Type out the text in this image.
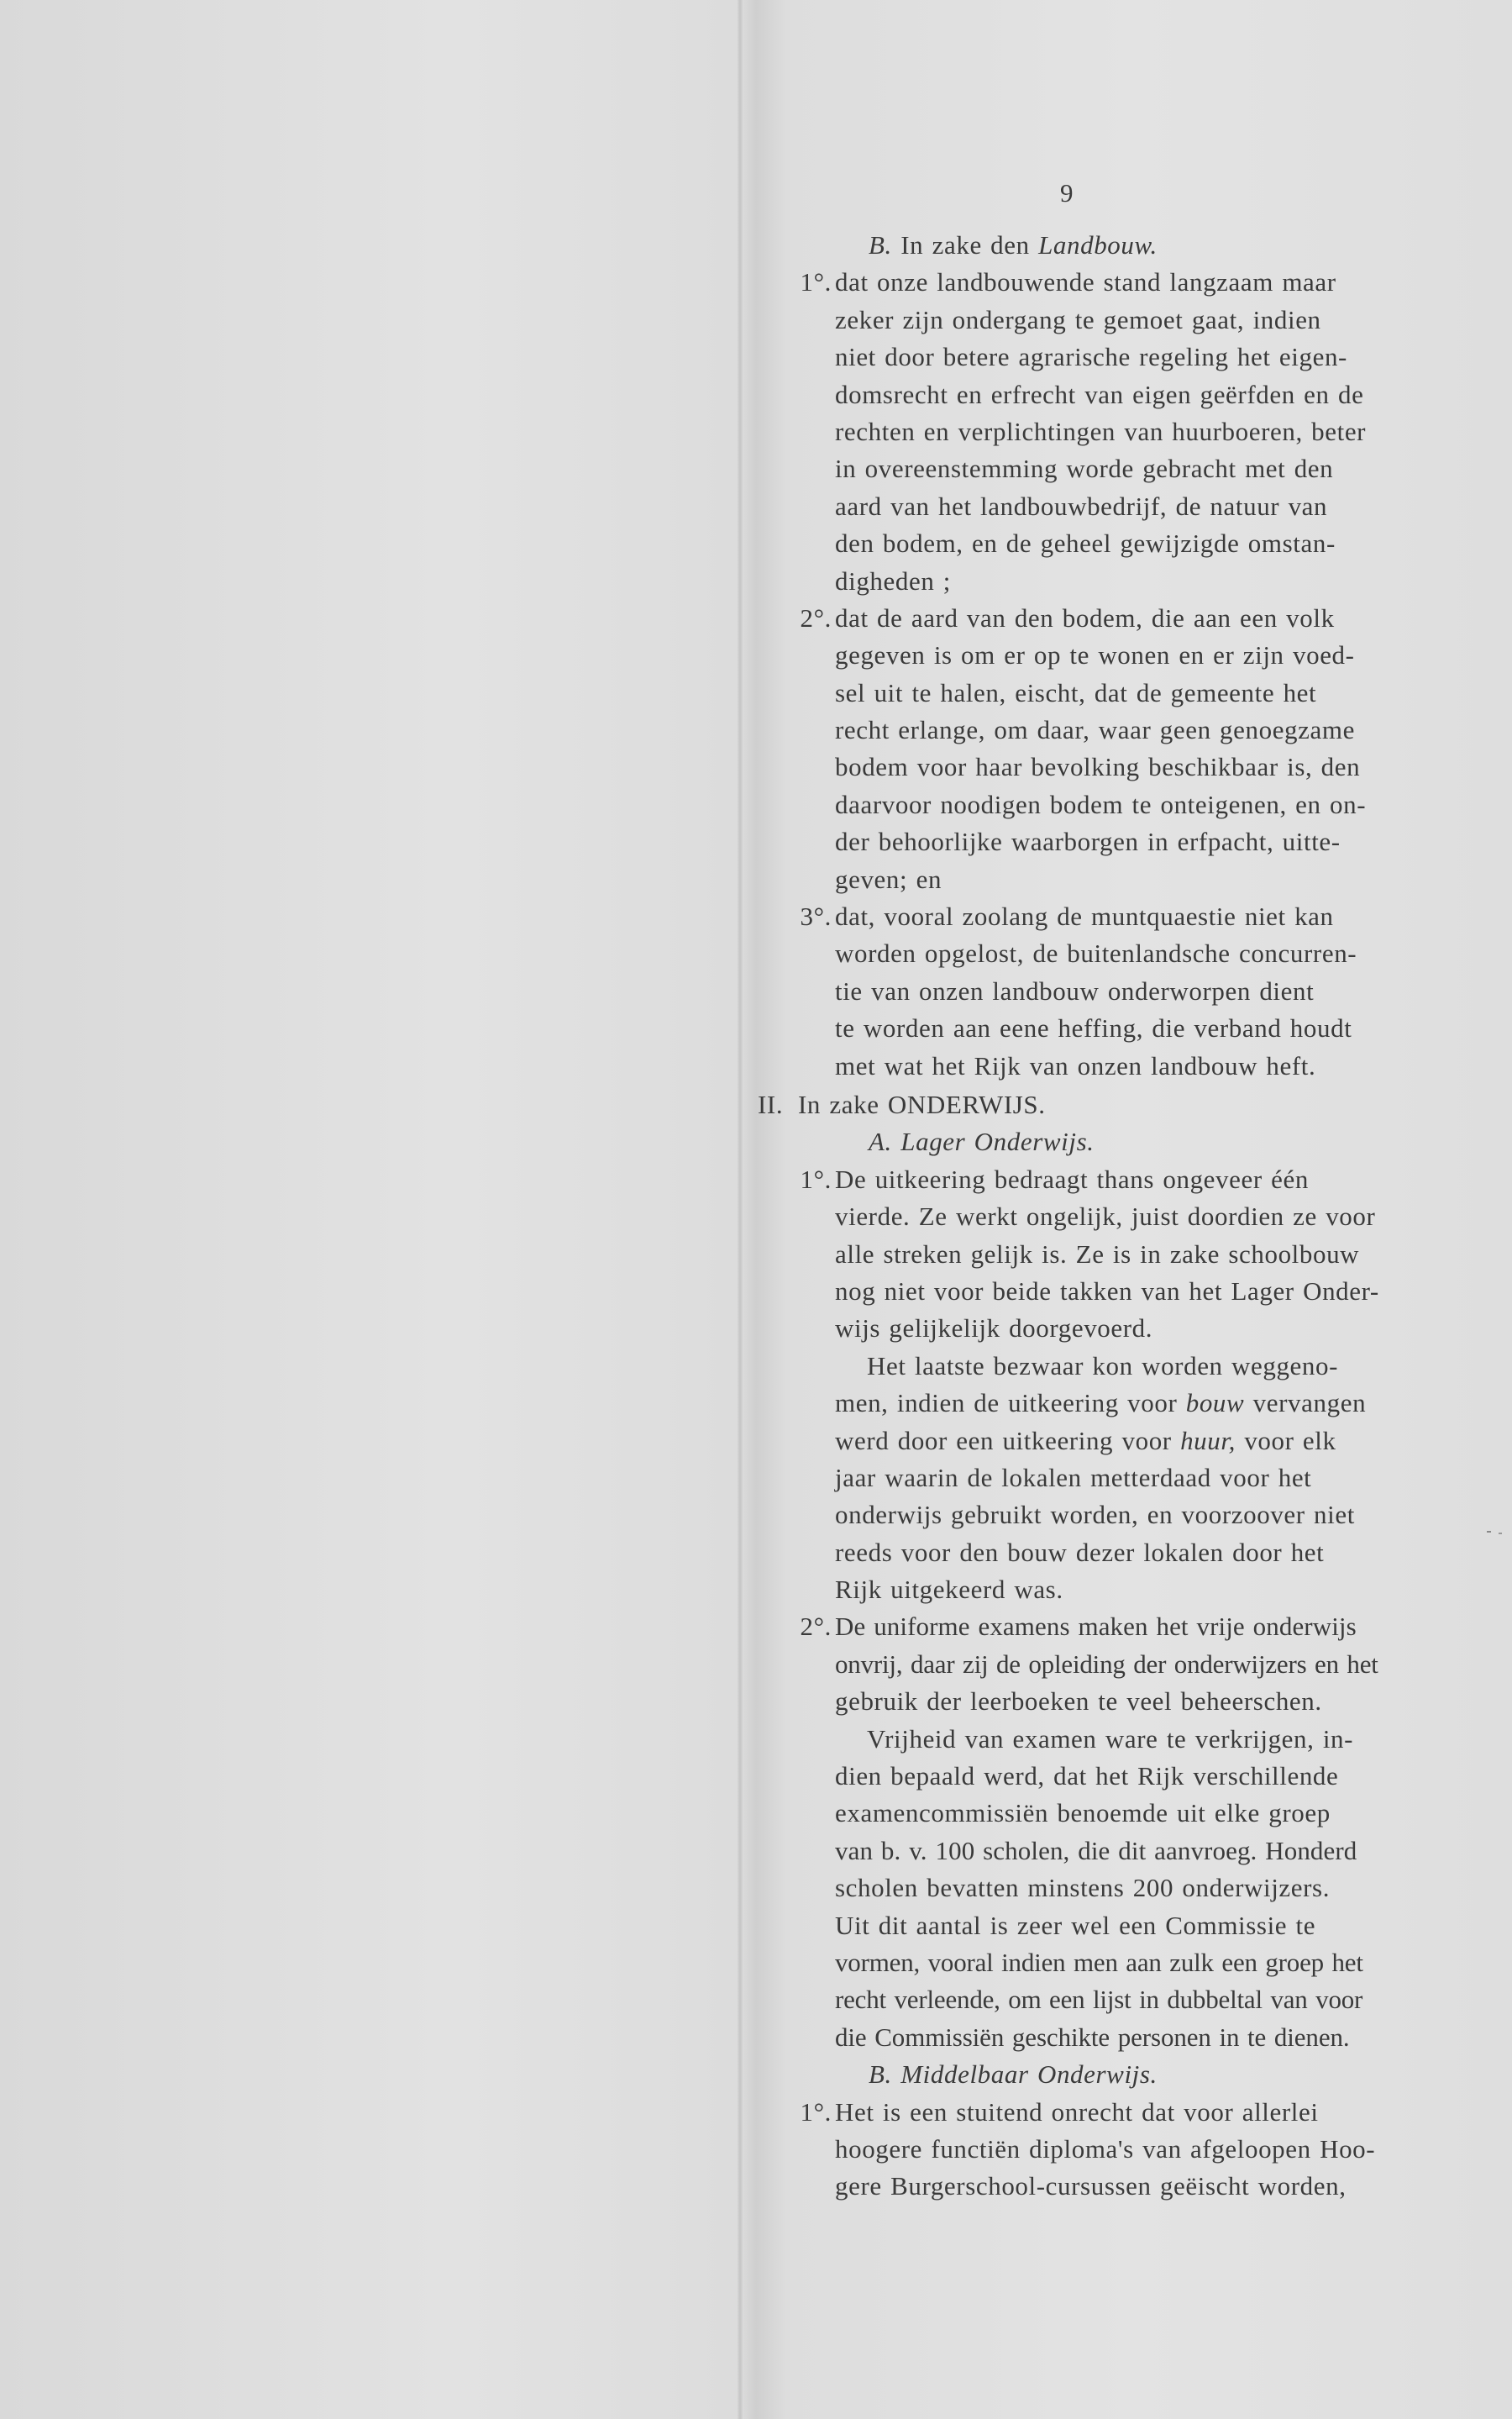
9
B. In zake den Landbouw.
1°. dat onze landbouwende stand langzaam maar
zeker zijn ondergang te gemoet gaat, indien
niet door betere agrarische regeling het eigen-
domsrecht en erfrecht van eigen geërfden en de
rechten en verplichtingen van huurboeren, beter
in overeenstemming worde gebracht met den
aard van het landbouwbedrijf, de natuur van
den bodem, en de geheel gewijzigde omstan-
digheden ;
2°. dat de aard van den bodem, die aan een volk
gegeven is om er op te wonen en er zijn voed-
sel uit te halen, eischt, dat de gemeente het
recht erlange, om daar, waar geen genoegzame
bodem voor haar bevolking beschikbaar is, den
daarvoor noodigen bodem te onteigenen, en on-
der behoorlijke waarborgen in erfpacht, uitte-
geven; en
3°. dat, vooral zoolang de muntquaestie niet kan
worden opgelost, de buitenlandsche concurren-
tie van onzen landbouw onderworpen dient
te worden aan eene heffing, die verband houdt
met wat het Rijk van onzen landbouw heft.
II. In zake ONDERWIJS.
A. Lager Onderwijs.
1°. De uitkeering bedraagt thans ongeveer één
vierde. Ze werkt ongelijk, juist doordien ze voor
alle streken gelijk is. Ze is in zake schoolbouw
nog niet voor beide takken van het Lager Onder-
wijs gelijkelijk doorgevoerd.
Het laatste bezwaar kon worden weggeno-
men, indien de uitkeering voor bouw vervangen
werd door een uitkeering voor huur, voor elk
jaar waarin de lokalen metterdaad voor het
onderwijs gebruikt worden, en voorzoover niet
reeds voor den bouw dezer lokalen door het
Rijk uitgekeerd was.
2°. De uniforme examens maken het vrije onderwijs
onvrij, daar zij de opleiding der onderwijzers en het
gebruik der leerboeken te veel beheerschen.
Vrijheid van examen ware te verkrijgen, in-
dien bepaald werd, dat het Rijk verschillende
examencommissiën benoemde uit elke groep
van b. v. 100 scholen, die dit aanvroeg. Honderd
scholen bevatten minstens 200 onderwijzers.
Uit dit aantal is zeer wel een Commissie te
vormen, vooral indien men aan zulk een groep het
recht verleende, om een lijst in dubbeltal van voor
die Commissiën geschikte personen in te dienen.
B. Middelbaar Onderwijs.
1°. Het is een stuitend onrecht dat voor allerlei
hoogere functiën diploma's van afgeloopen Hoo-
gere Burgerschool-cursussen geëischt worden,
